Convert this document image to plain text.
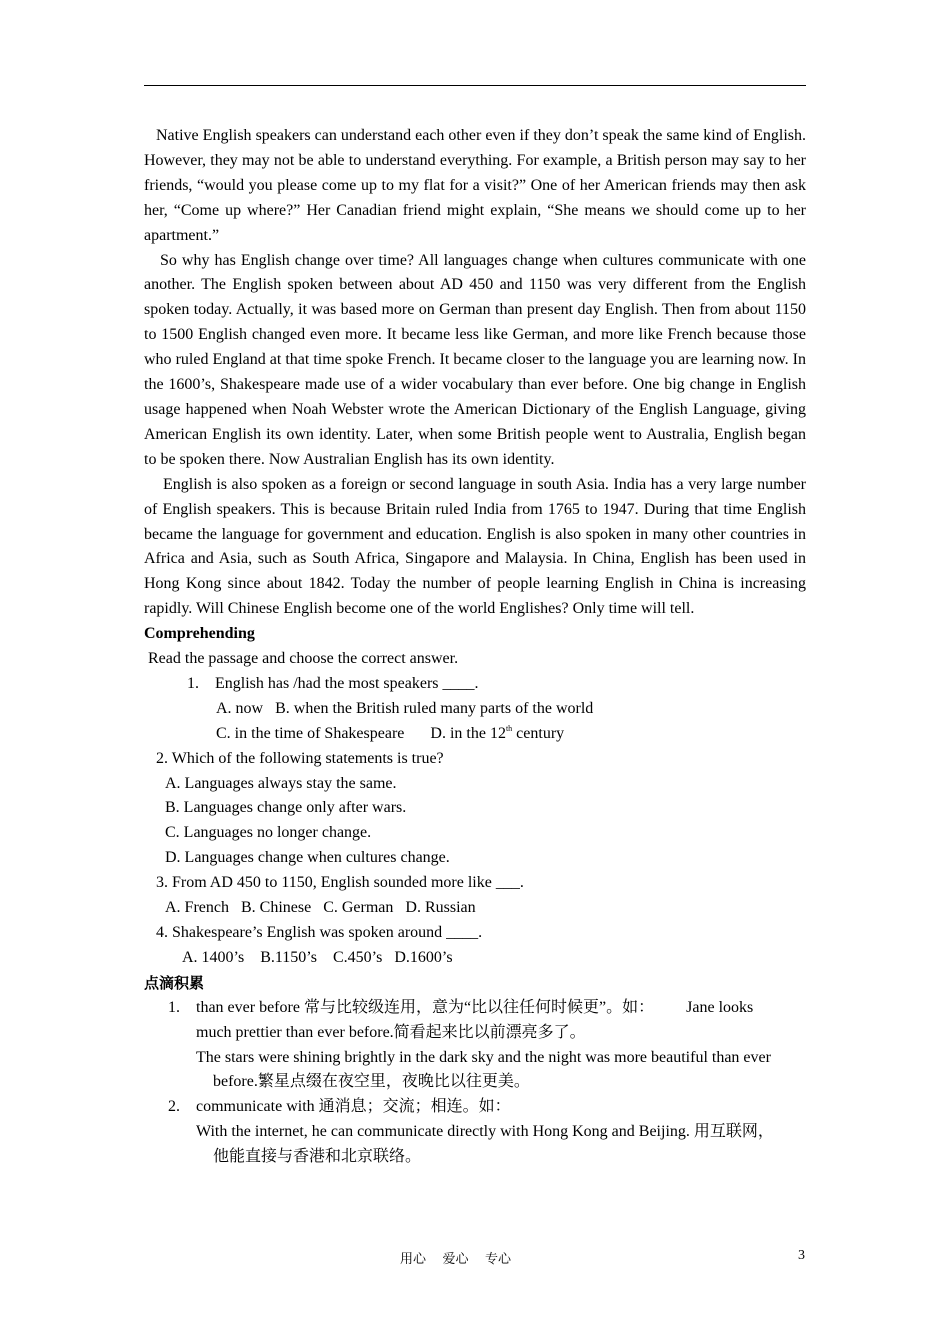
Native English speakers can understand each other even if they don’t speak the same kind of English. However, they may not be able to understand everything. For example, a British person may say to her friends, “would you please come up to my flat for a visit?” One of her American friends may then ask her, “Come up where?” Her Canadian friend might explain, “She means we should come up to her apartment.”

So why has English change over time? All languages change when cultures communicate with one another. The English spoken between about AD 450 and 1150 was very different from the English spoken today. Actually, it was based more on German than present day English. Then from about 1150 to 1500 English changed even more. It became less like German, and more like French because those who ruled England at that time spoke French. It became closer to the language you are learning now. In the 1600’s, Shakespeare made use of a wider vocabulary than ever before. One big change in English usage happened when Noah Webster wrote the American Dictionary of the English Language, giving American English its own identity. Later, when some British people went to Australia, English began to be spoken there. Now Australian English has its own identity.

English is also spoken as a foreign or second language in south Asia. India has a very large number of English speakers. This is because Britain ruled India from 1765 to 1947. During that time English became the language for government and education. English is also spoken in many other countries in Africa and Asia, such as South Africa, Singapore and Malaysia. In China, English has been used in Hong Kong since about 1842. Today the number of people learning English in China is increasing rapidly. Will Chinese English become one of the world Englishes? Only time will tell.

Comprehending

Read the passage and choose the correct answer.

1. English has /had the most speakers ____.

A. now   B. when the British ruled many parts of the world

C. in the time of Shakespeare D. in the 12th century

2. Which of the following statements is true?

A. Languages always stay the same.

B. Languages change only after wars.

C. Languages no longer change.

D. Languages change when cultures change.

3. From AD 450 to 1150, English sounded more like ___.

A. French   B. Chinese   C. German   D. Russian

4. Shakespeare’s English was spoken around ____.

A. 1400’s    B.1150’s    C.450’s   D.1600’s

点滴积累

1. than ever before 常与比较级连用，意为“比以往任何时候更”。如：        Jane looks

much prettier than ever before.简看起来比以前漂亮多了。

The stars were shining brightly in the dark sky and the night was more beautiful than ever

before.繁星点缀在夜空里，夜晚比以往更美。

2. communicate with 通消息；交流；相连。如：

With the internet, he can communicate directly with Hong Kong and Beijing. 用互联网，

他能直接与香港和北京联络。

用心    爱心    专心	3
